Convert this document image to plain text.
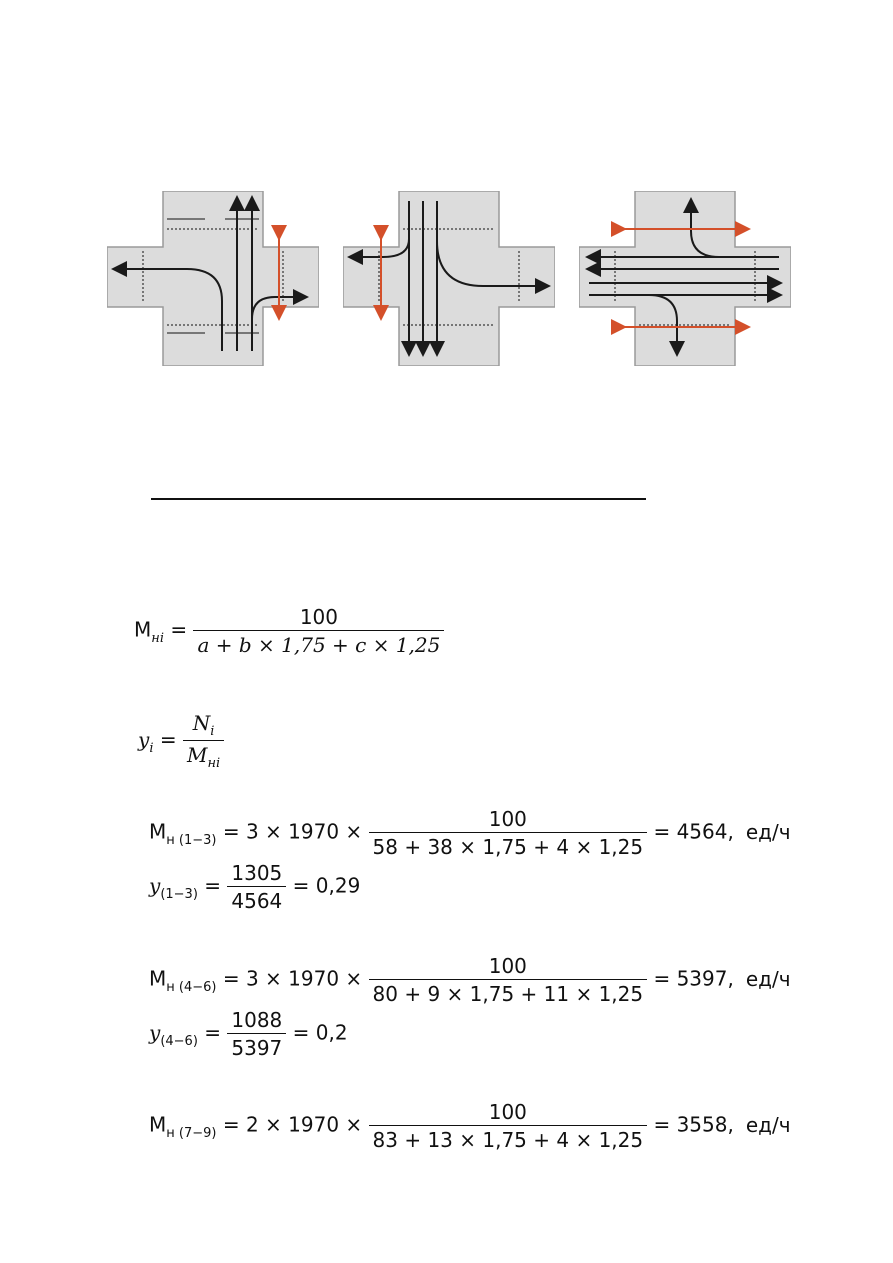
$M_{нi} = \frac{100}{a + b \times 1,75 + c \times 1,25}$
$y_i = \frac{N_i}{M_{нi}}$
$M_{н (1-3)} = 3 \times 1970 \times \frac{100}{58 + 38 \times 1,75 + 4 \times 1,25} = 4564$, ед/ч
$y_{(1-3)} = \frac{1305}{4564} = 0,29$
$M_{н (4-6)} = 3 \times 1970 \times \frac{100}{80 + 9 \times 1,75 + 11 \times 1,25} = 5397$, ед/ч
$y_{(4-6)} = \frac{1088}{5397} = 0,2$
$M_{н (7-9)} = 2 \times 1970 \times \frac{100}{83 + 13 \times 1,75 + 4 \times 1,25} = 3558$, ед/ч
